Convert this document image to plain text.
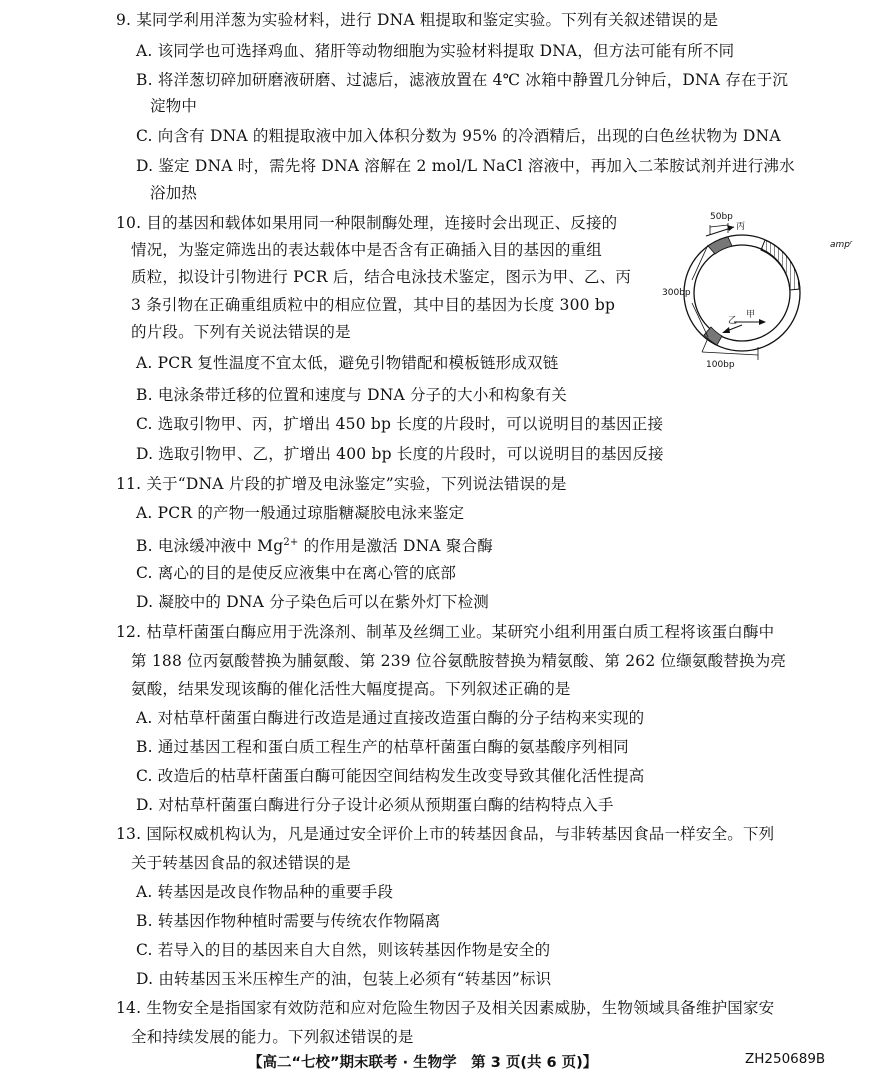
9. 某同学利用洋葱为实验材料，进行 DNA 粗提取和鉴定实验。下列有关叙述错误的是
A. 该同学也可选择鸡血、猪肝等动物细胞为实验材料提取 DNA，但方法可能有所不同
B. 将洋葱切碎加研磨液研磨、过滤后，滤液放置在 4℃ 冰箱中静置几分钟后，DNA 存在于沉
淀物中
C. 向含有 DNA 的粗提取液中加入体积分数为 95% 的冷酒精后，出现的白色丝状物为 DNA
D. 鉴定 DNA 时，需先将 DNA 溶解在 2 mol/L NaCl 溶液中，再加入二苯胺试剂并进行沸水
浴加热
10. 目的基因和载体如果用同一种限制酶处理，连接时会出现正、反接的
情况，为鉴定筛选出的表达载体中是否含有正确插入目的基因的重组
质粒，拟设计引物进行 PCR 后，结合电泳技术鉴定，图示为甲、乙、丙
3 条引物在正确重组质粒中的相应位置，其中目的基因为长度 300 bp
的片段。下列有关说法错误的是
A. PCR 复性温度不宜太低，避免引物错配和模板链形成双链
B. 电泳条带迁移的位置和速度与 DNA 分子的大小和构象有关
C. 选取引物甲、丙，扩增出 450 bp 长度的片段时，可以说明目的基因正接
D. 选取引物甲、乙，扩增出 400 bp 长度的片段时，可以说明目的基因反接
丙
50bp
ampʳ
300bp
乙
甲
100bp
11. 关于“DNA 片段的扩增及电泳鉴定”实验，下列说法错误的是
A. PCR 的产物一般通过琼脂糖凝胶电泳来鉴定
B. 电泳缓冲液中 $Mg^{2+}$ 的作用是激活 DNA 聚合酶
C. 离心的目的是使反应液集中在离心管的底部
D. 凝胶中的 DNA 分子染色后可以在紫外灯下检测
12. 枯草杆菌蛋白酶应用于洗涤剂、制革及丝绸工业。某研究小组利用蛋白质工程将该蛋白酶中
第 188 位丙氨酸替换为脯氨酸、第 239 位谷氨酰胺替换为精氨酸、第 262 位缬氨酸替换为亮
氨酸，结果发现该酶的催化活性大幅度提高。下列叙述正确的是
A. 对枯草杆菌蛋白酶进行改造是通过直接改造蛋白酶的分子结构来实现的
B. 通过基因工程和蛋白质工程生产的枯草杆菌蛋白酶的氨基酸序列相同
C. 改造后的枯草杆菌蛋白酶可能因空间结构发生改变导致其催化活性提高
D. 对枯草杆菌蛋白酶进行分子设计必须从预期蛋白酶的结构特点入手
13. 国际权威机构认为，凡是通过安全评价上市的转基因食品，与非转基因食品一样安全。下列
关于转基因食品的叙述错误的是
A. 转基因是改良作物品种的重要手段
B. 转基因作物种植时需要与传统农作物隔离
C. 若导入的目的基因来自大自然，则该转基因作物是安全的
D. 由转基因玉米压榨生产的油，包装上必须有“转基因”标识
14. 生物安全是指国家有效防范和应对危险生物因子及相关因素威胁，生物领域具备维护国家安
全和持续发展的能力。下列叙述错误的是
【高二“七校”期末联考 · 生物学　第 3 页(共 6 页)】	ZH250689B
